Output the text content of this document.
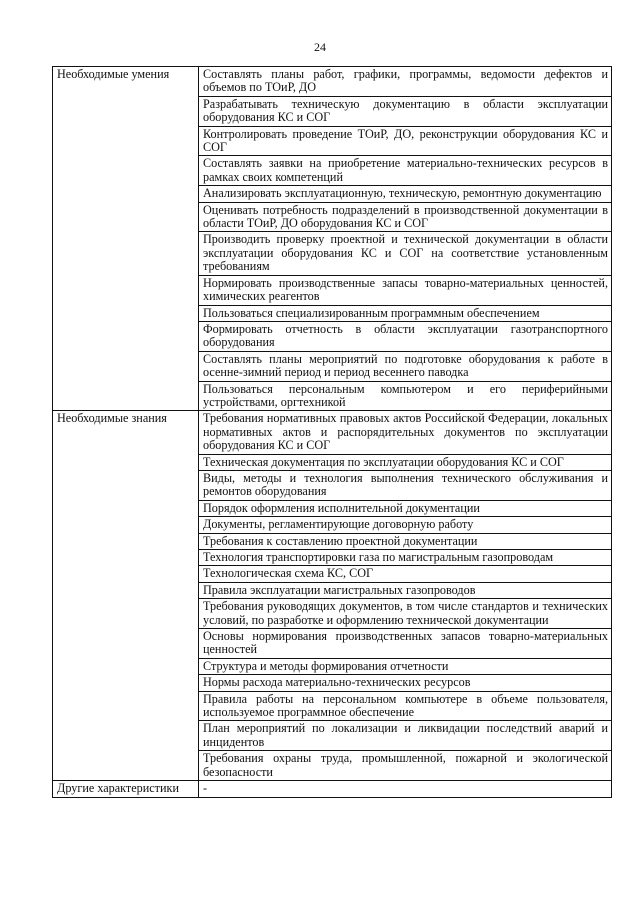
24
Необходимые умения	Составлять планы работ, графики, программы, ведомости дефектов и объемов по ТОиР, ДО
	Разрабатывать техническую документацию в области эксплуатации оборудования КС и СОГ
	Контролировать проведение ТОиР, ДО, реконструкции оборудования КС и СОГ
	Составлять заявки на приобретение материально-технических ресурсов в рамках своих компетенций
	Анализировать эксплуатационную, техническую, ремонтную документацию
	Оценивать потребность подразделений в производственной документации в области ТОиР, ДО оборудования КС и СОГ
	Производить проверку проектной и технической документации в области эксплуатации оборудования КС и СОГ на соответствие установленным требованиям
	Нормировать производственные запасы товарно-материальных ценностей, химических реагентов
	Пользоваться специализированным программным обеспечением
	Формировать отчетность в области эксплуатации газотранспортного оборудования
	Составлять планы мероприятий по подготовке оборудования к работе в осенне-зимний период и период весеннего паводка
	Пользоваться персональным компьютером и его периферийными устройствами, оргтехникой
Необходимые знания	Требования нормативных правовых актов Российской Федерации, локальных нормативных актов и распорядительных документов по эксплуатации оборудования КС и СОГ
	Техническая документация по эксплуатации оборудования КС и СОГ
	Виды, методы и технология выполнения технического обслуживания и ремонтов оборудования
	Порядок оформления исполнительной документации
	Документы, регламентирующие договорную работу
	Требования к составлению проектной документации
	Технология транспортировки газа по магистральным газопроводам
	Технологическая схема КС, СОГ
	Правила эксплуатации магистральных газопроводов
	Требования руководящих документов, в том числе стандартов и технических условий, по разработке и оформлению технической документации
	Основы нормирования производственных запасов товарно-материальных ценностей
	Структура и методы формирования отчетности
	Нормы расхода материально-технических ресурсов
	Правила работы на персональном компьютере в объеме пользователя, используемое программное обеспечение
	План мероприятий по локализации и ликвидации последствий аварий и инцидентов
	Требования охраны труда, промышленной, пожарной и экологической безопасности
Другие характеристики	-
